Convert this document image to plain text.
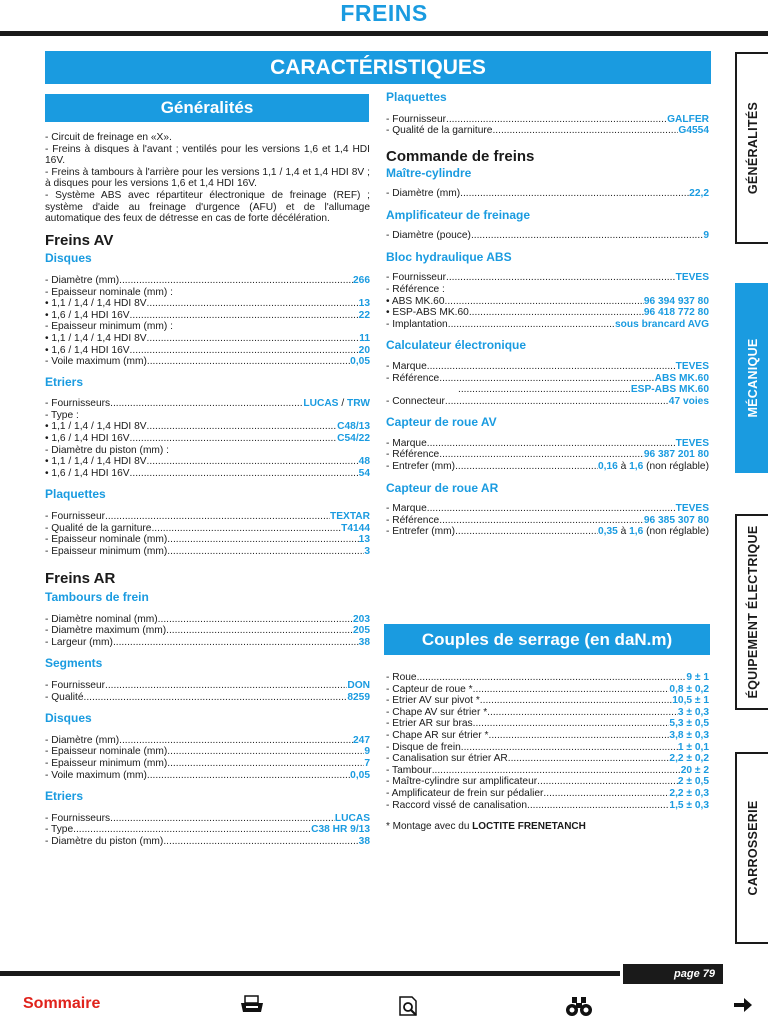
FREINS
CARACTÉRISTIQUES
Généralités

- Circuit de freinage en «X».

- Freins à disques à l'avant ; ventilés pour les versions 1,6 et 1,4 HDI 16V.

- Freins à tambours à l'arrière pour les versions 1,1 / 1,4 et 1,4 HDI 8V ; à disques pour les versions 1,6 et 1,4 HDI 16V.

- Système ABS avec répartiteur électronique de freinage (REF) ; système d'aide au freinage d'urgence (AFU) et de l'allumage automatique des feux de détresse en cas de forte décélération.

Freins AV
Disques
- Diamètre (mm) .....	266
- Epaisseur nominale (mm) :
• 1,1 / 1,4 / 1,4 HDI 8V .....	13
• 1,6 / 1,4 HDI 16V .....	22
- Epaisseur minimum (mm) :
• 1,1 / 1,4 / 1,4 HDI 8V .....	11
• 1,6 / 1,4 HDI 16V .....	20
- Voile maximum (mm) .....	0,05
Etriers
- Fournisseurs .....	LUCAS / TRW
- Type :
• 1,1 / 1,4 / 1,4 HDI 8V .....	C48/13
• 1,6 / 1,4 HDI 16V .....	C54/22
- Diamètre du piston (mm) :
• 1,1 / 1,4 / 1,4 HDI 8V .....	48
• 1,6 / 1,4 HDI 16V .....	54
Plaquettes
- Fournisseur .....	TEXTAR
- Qualité de la garniture .....	T4144
- Epaisseur nominale (mm) .....	13
- Epaisseur minimum (mm) .....	3
Freins AR
Tambours de frein
- Diamètre nominal (mm) .....	203
- Diamètre maximum (mm) .....	205
- Largeur (mm) .....	38
Segments
- Fournisseur .....	DON
- Qualité .....	8259
Disques
- Diamètre (mm) .....	247
- Epaisseur nominale (mm) .....	9
- Epaisseur minimum (mm) .....	7
- Voile maximum (mm) .....	0,05
Etriers
- Fournisseurs .....	LUCAS
- Type .....	C38 HR 9/13
- Diamètre du piston (mm) .....	38
Plaquettes
- Fournisseur .....	GALFER
- Qualité de la garniture .....	G4554
Commande de freins
Maître-cylindre
- Diamètre (mm) .....	22,2
Amplificateur de freinage
- Diamètre (pouce) .....	9
Bloc hydraulique ABS
- Fournisseur .....	TEVES
- Référence :
• ABS MK.60 .....	96 394 937 80
• ESP-ABS MK.60 .....	96 418 772 80
- Implantation .....	sous brancard AVG
Calculateur électronique
- Marque .....	TEVES
- Référence .....	ABS MK.60
.....
ESP-ABS MK.60
- Connecteur .....	47 voies
Capteur de roue AV
- Marque .....	TEVES
- Référence .....	96 387 201 80
- Entrefer (mm) .....	0,16 à 1,6 (non réglable)
Capteur de roue AR
- Marque .....	TEVES
- Référence .....	96 385 307 80
- Entrefer (mm) .....	0,35 à 1,6 (non réglable)
Couples de serrage (en daN.m)
- Roue .....	9 ± 1
- Capteur de roue * .....	0,8 ± 0,2
- Etrier AV sur pivot * .....	10,5 ± 1
- Chape AV sur étrier * .....	3 ± 0,3
- Etrier AR sur bras .....	5,3 ± 0,5
- Chape AR sur étrier * .....	3,8 ± 0,3
- Disque de frein .....	1 ± 0,1
- Canalisation sur étrier AR .....	2,2 ± 0,2
- Tambour .....	20 ± 2
- Maître-cylindre sur amplificateur .....	2 ± 0,5
- Amplificateur de frein sur pédalier .....	2,2 ± 0,3
- Raccord vissé de canalisation .....	1,5 ± 0,3
* Montage avec du LOCTITE FRENETANCH
GÉNÉRALITÉS
MÉCANIQUE
ÉQUIPEMENT ÉLECTRIQUE
CARROSSERIE
page 79
Sommaire
